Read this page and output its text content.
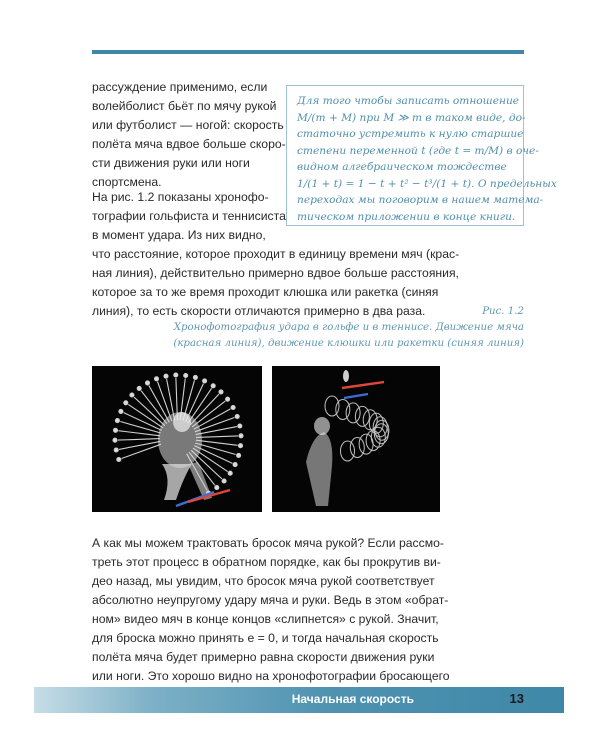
рассуждение применимо, если
волейболист бьёт по мячу рукой
или футболист — ногой: скорость
полёта мяча вдвое больше скоро-
сти движения руки или ноги
спортсмена.
Для того чтобы записать отношение
M/(m + M) при M ≫ m в таком виде, до-
статочно устремить к нулю старшие
степени переменной t (где t = m/M) в оче-
видном алгебраическом тождестве
1/(1 + t) = 1 − t + t² − t³/(1 + t). О предельных
переходах мы поговорим в нашем матема-
тическом приложении в конце книги.
На рис. 1.2 показаны хронофо-
тографии гольфиста и теннисиста
в момент удара. Из них видно,
что расстояние, которое проходит в единицу времени мяч (крас-
ная линия), действительно примерно вдвое больше расстояния,
которое за то же время проходит клюшка или ракетка (синяя
линия), то есть скорости отличаются примерно в два раза.	Рис. 1.2
Хронофотография удара в гольфе и в теннисе. Движение мяча
(красная линия), движение клюшки или ракетки (синяя линия)
А как мы можем трактовать бросок мяча рукой? Если рассмо-
треть этот процесс в обратном порядке, как бы прокрутив ви-
део назад, мы увидим, что бросок мяча рукой соответствует
абсолютно неупругому удару мяча и руки. Ведь в этом «обрат-
ном» видео мяч в конце концов «слипнется» с рукой. Значит,
для броска можно принять e = 0, и тогда начальная скорость
полёта мяча будет примерно равна скорости движения руки
или ноги. Это хорошо видно на хронофотографии бросающего
Начальная скорость	13
